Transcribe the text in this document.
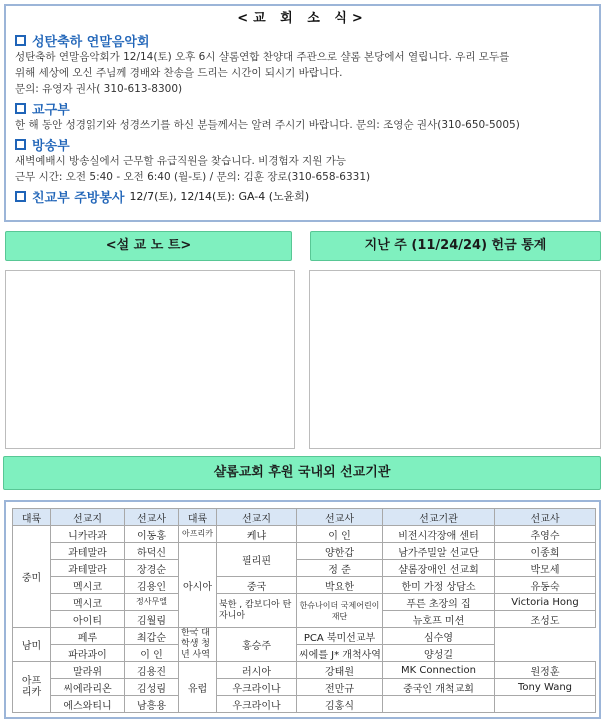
<교 회 소 식>
성탄축하 연말음악회
성탄축하 연말음악회가 12/14(토) 오후 6시 샬롬연합 찬양대 주관으로 샬롬 본당에서 열립니다. 우리 모두를
위해 세상에 오신 주님께 경배와 찬송을 드리는 시간이 되시기 바랍니다.
문의: 유영자 권사( 310-613-8300)
교구부
한 해 동안 성경읽기와 성경쓰기를 하신 분들께서는 알려 주시기 바랍니다. 문의: 조영순 권사(310-650-5005)
방송부
새벽예배시 방송실에서 근무할 유급직원을 찾습니다. 비경험자 지원 가능
근무 시간: 오전 5:40 - 오전 6:40 (월-토) / 문의: 김훈 장로(310-658-6331)
친교부 주방봉사 12/7(토), 12/14(토): GA-4 (노윤희)
<설 교 노 트>	지난 주 (11/24/24) 헌금 통계
샬롬교회 후원 국내외 선교기관
대륙	선교지	선교사	대륙	선교지	선교사	선교기관	선교사
중미	니카라과	이동홍	아프리카	케냐	이 인	비전시각장애 센터	추영수
	과테말라	하덕신	아시아	필리핀	양한갑	남가주밀알 선교단	이종희
	과테말라	장경순			정 준	샬롬장애인 선교회	박모세
	멕시코	김용인		중국	박요한	한미 가정 상담소	유동숙
	멕시코	정사무엘		북한 , 캄보디아 탄자니아	한슈나이더 국제어린이 재단	푸른 초장의 집	Victoria Hong
	아이티	김월림				뉴호프 미션	조성도
남미	페루	최갑순	한국 대학생 청년 사역	홍승주	PCA 북미선교부	심수영	
	파라과이	이 인			씨에를 J* 개척사역	양성길	
아프리카	말라위	김용진	유럽	러시아	강태원	MK Connection	원정훈
	씨에라리온	김성림		우크라이나	전만규	중국인 개척교회	Tony Wang
	에스와티니	남흥용		우크라이나	김홍식		
